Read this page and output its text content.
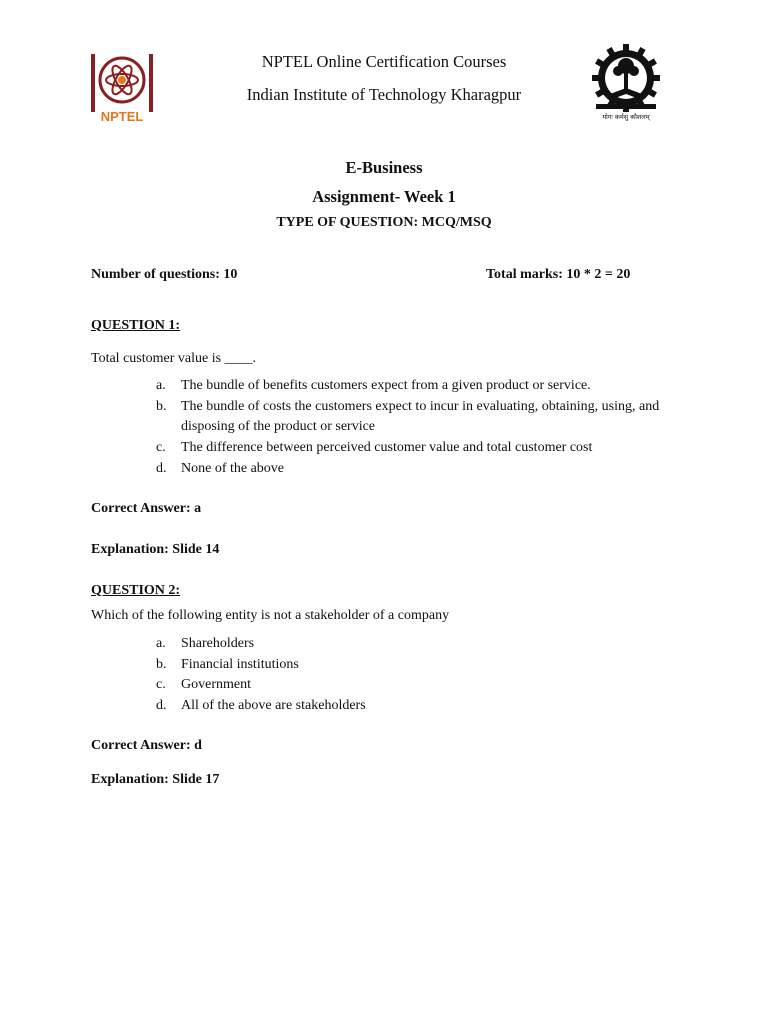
NPTEL
NPTEL Online Certification Courses
Indian Institute of Technology Kharagpur
योगः कर्मसु कौशलम्
E-Business
Assignment- Week 1
TYPE OF QUESTION: MCQ/MSQ
Number of questions: 10	Total marks: 10 * 2 = 20
QUESTION 1:
Total customer value is ____.
a. The bundle of benefits customers expect from a given product or service.
b. The bundle of costs the customers expect to incur in evaluating, obtaining, using, and disposing of the product or service
c. The difference between perceived customer value and total customer cost
d. None of the above
Correct Answer: a
Explanation: Slide 14
QUESTION 2:
Which of the following entity is not a stakeholder of a company
a. Shareholders
b. Financial institutions
c. Government
d. All of the above are stakeholders
Correct Answer: d
Explanation: Slide 17
